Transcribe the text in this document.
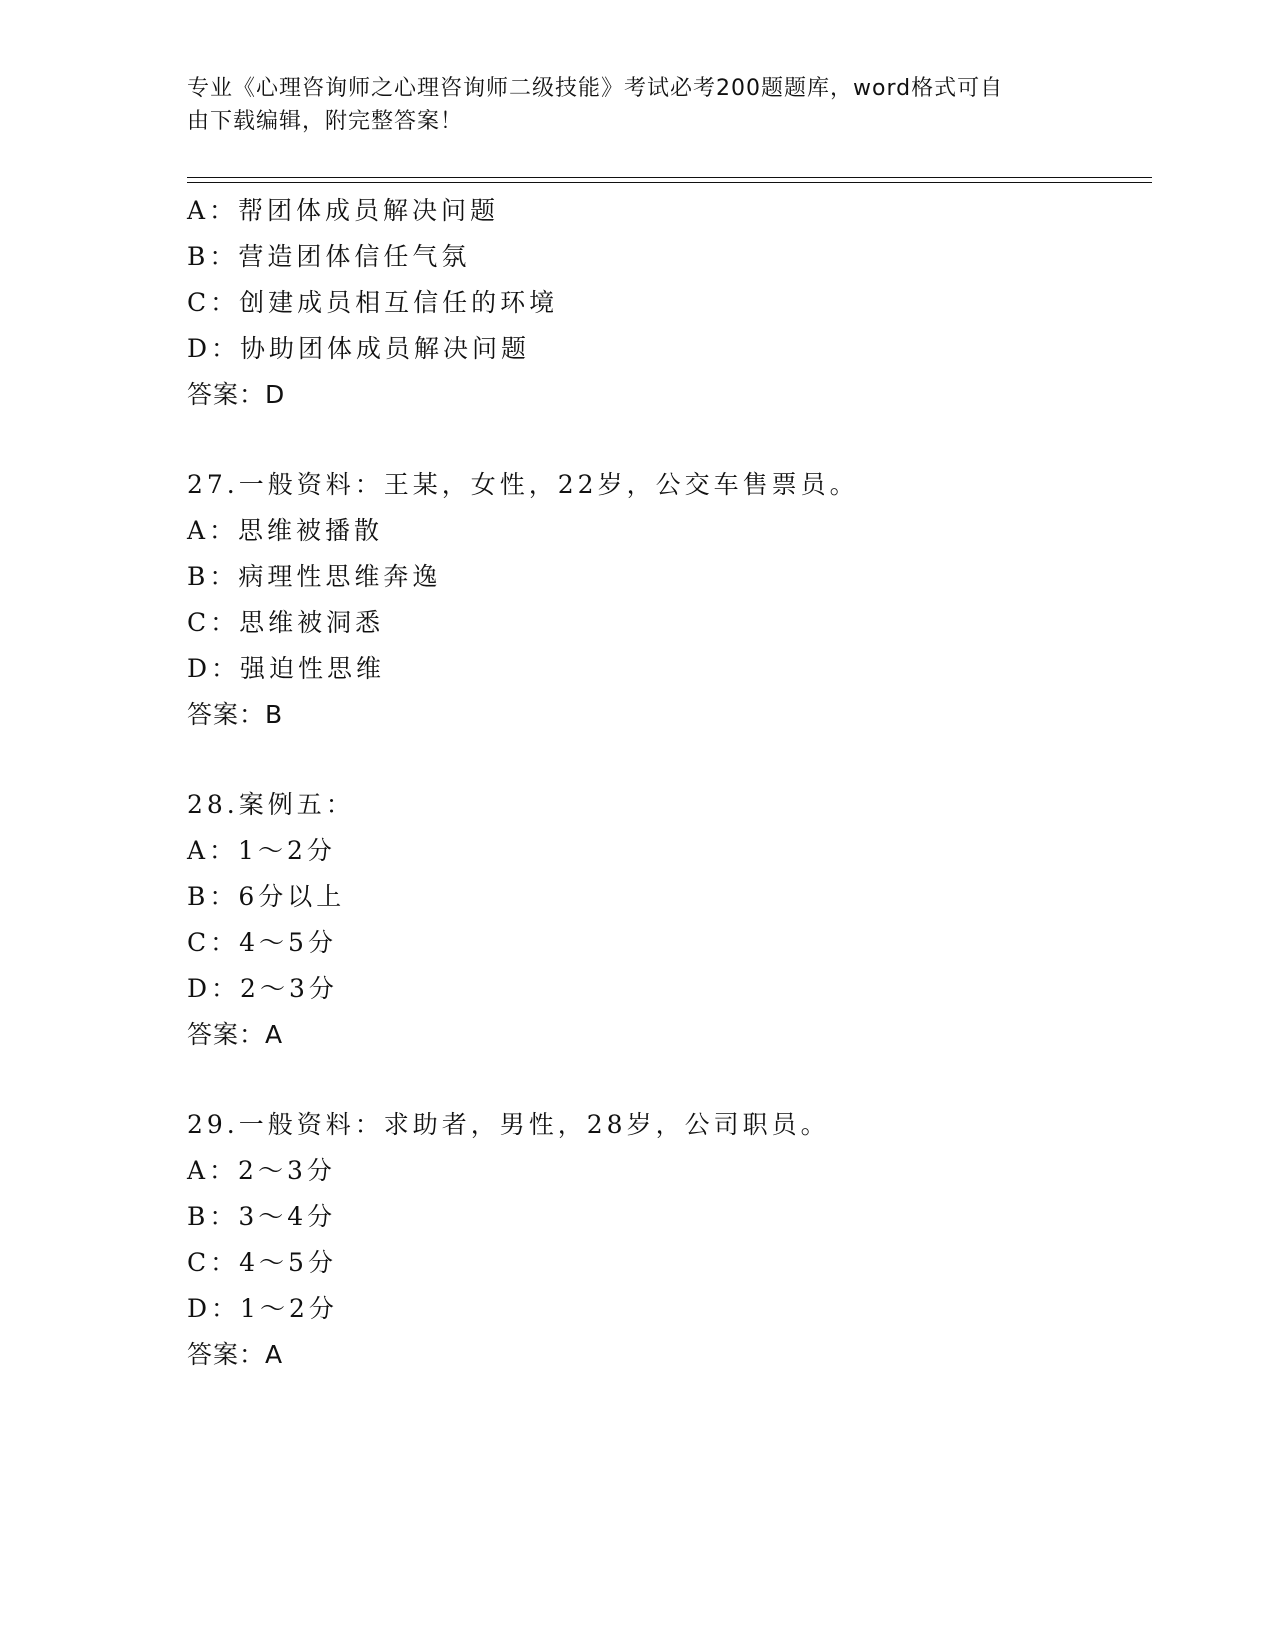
专业《心理咨询师之心理咨询师二级技能》考试必考200题题库，word格式可自
由下载编辑，附完整答案！
A：帮团体成员解决问题
B：营造团体信任气氛
C：创建成员相互信任的环境
D：协助团体成员解决问题
答案：D
27.一般资料：王某，女性，22岁，公交车售票员。
A：思维被播散
B：病理性思维奔逸
C：思维被洞悉
D：强迫性思维
答案：B
28.案例五：
A：1～2分
B：6分以上
C：4～5分
D：2～3分
答案：A
29.一般资料：求助者，男性，28岁，公司职员。
A：2～3分
B：3～4分
C：4～5分
D：1～2分
答案：A
